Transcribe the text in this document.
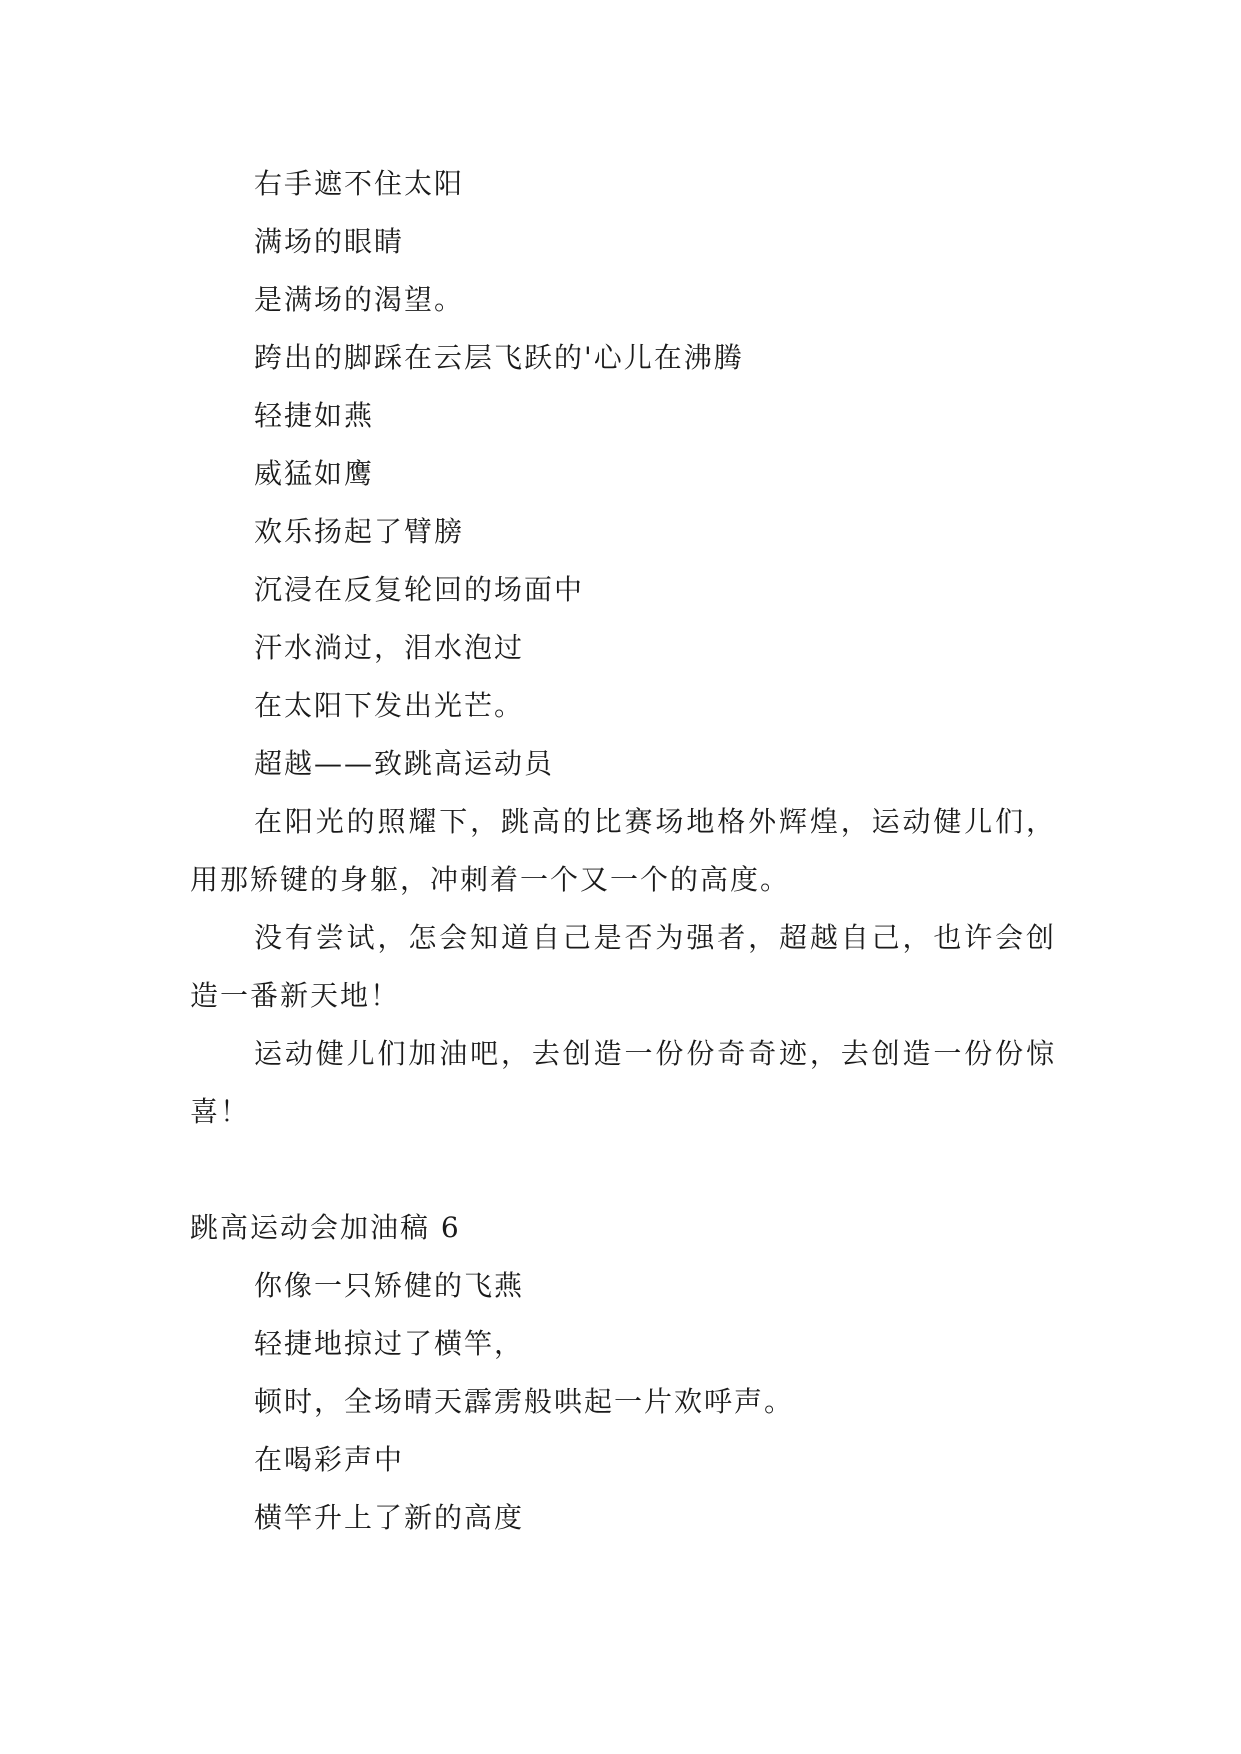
右手遮不住太阳
满场的眼睛
是满场的渴望。
跨出的脚踩在云层飞跃的'心儿在沸腾
轻捷如燕
威猛如鹰
欢乐扬起了臂膀
沉浸在反复轮回的场面中
汗水淌过，泪水泡过
在太阳下发出光芒。
超越——致跳高运动员

在阳光的照耀下，跳高的比赛场地格外辉煌，运动健儿们，用那矫键的身躯，冲刺着一个又一个的高度。

没有尝试，怎会知道自己是否为强者，超越自己，也许会创造一番新天地！

运动健儿们加油吧，去创造一份份奇奇迹，去创造一份份惊喜！

跳高运动会加油稿 6
你像一只矫健的飞燕
轻捷地掠过了横竿，
顿时，全场晴天霹雳般哄起一片欢呼声。
在喝彩声中
横竿升上了新的高度
